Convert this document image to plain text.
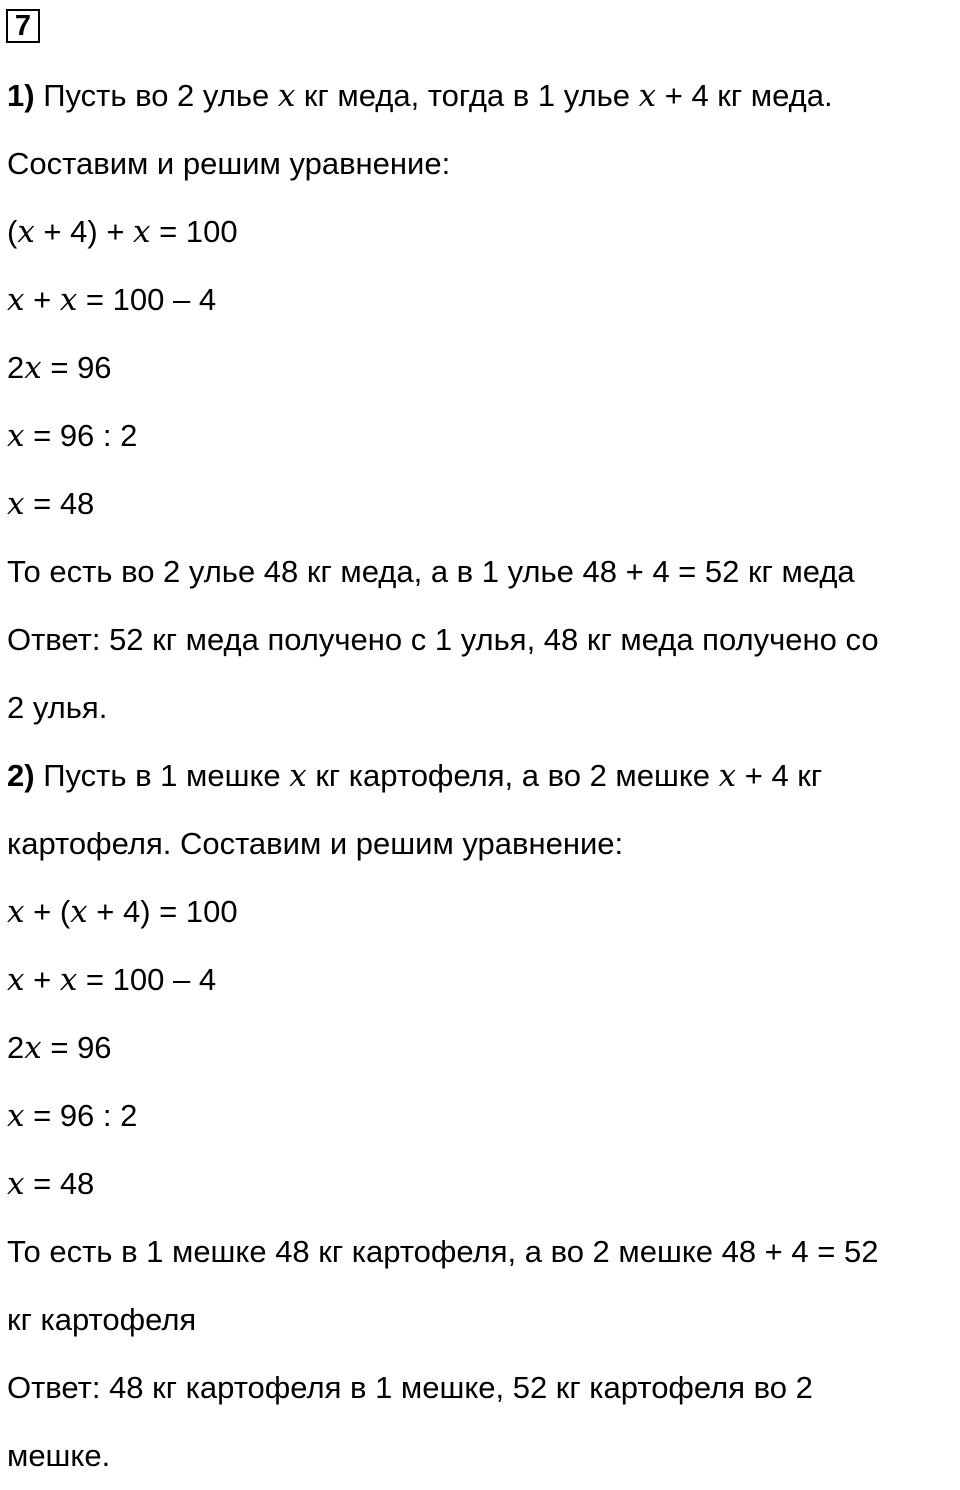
7
1) Пусть во 2 улье x кг меда, тогда в 1 улье x + 4 кг меда.
Составим и решим уравнение:
(x + 4) + x = 100
x + x = 100 – 4
2x = 96
x = 96 : 2
x = 48
То есть во 2 улье 48 кг меда, а в 1 улье 48 + 4 = 52 кг меда
Ответ: 52 кг меда получено с 1 улья, 48 кг меда получено со
2 улья.
2) Пусть в 1 мешке x кг картофеля, а во 2 мешке x + 4 кг
картофеля. Составим и решим уравнение:
x + (x + 4) = 100
x + x = 100 – 4
2x = 96
x = 96 : 2
x = 48
То есть в 1 мешке 48 кг картофеля, а во 2 мешке 48 + 4 = 52
кг картофеля
Ответ: 48 кг картофеля в 1 мешке, 52 кг картофеля во 2
мешке.
